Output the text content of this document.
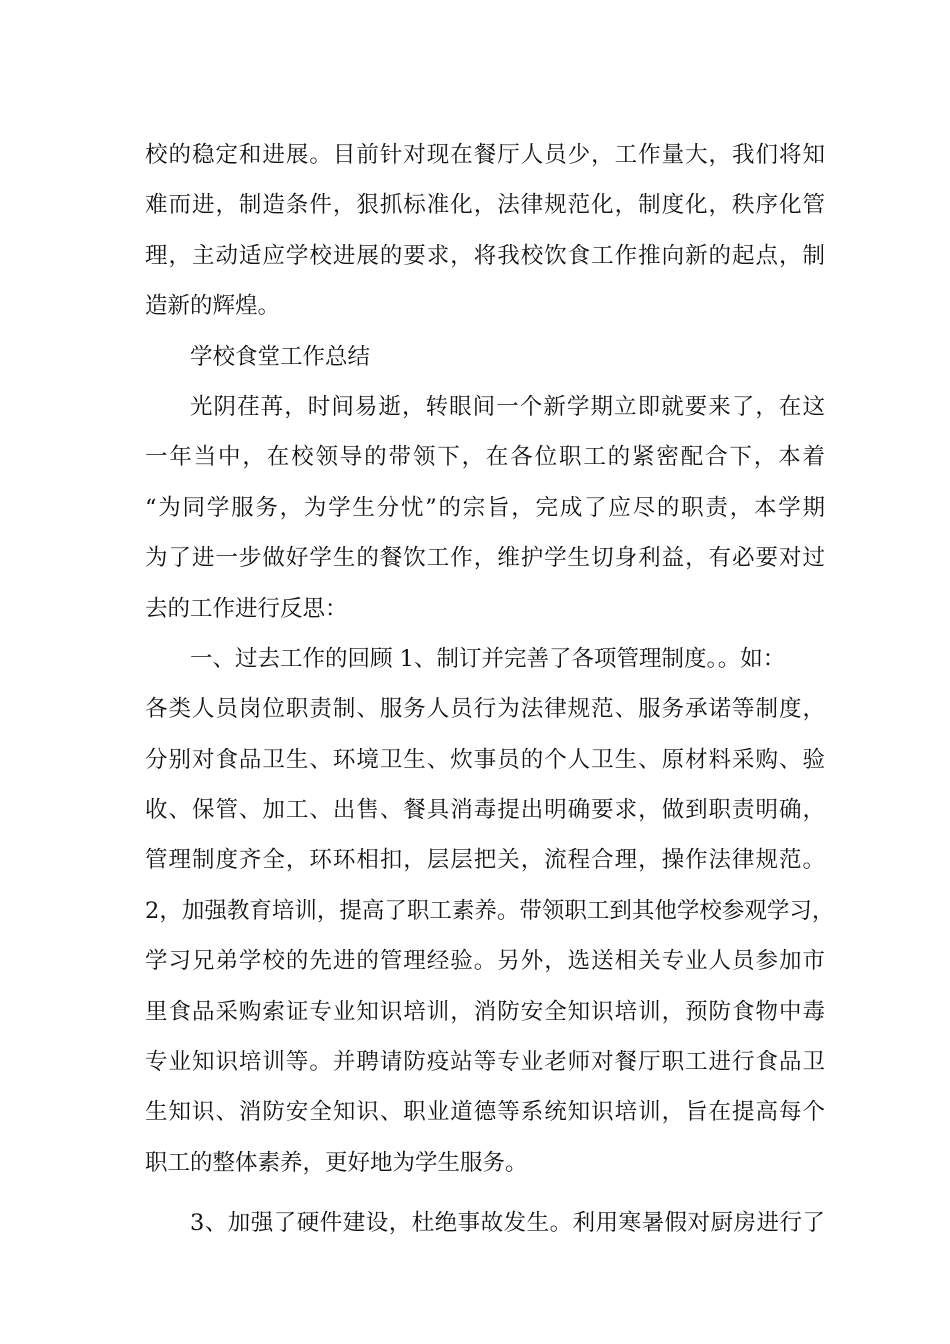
校的稳定和进展。目前针对现在餐厅人员少，工作量大，我们将知
难而进，制造条件，狠抓标准化，法律规范化，制度化，秩序化管
理，主动适应学校进展的要求，将我校饮食工作推向新的起点，制
造新的辉煌。
学校食堂工作总结
光阴荏苒，时间易逝，转眼间一个新学期立即就要来了，在这
一年当中，在校领导的带领下，在各位职工的紧密配合下，本着
“为同学服务，为学生分忧”的宗旨，完成了应尽的职责，本学期
为了进一步做好学生的餐饮工作，维护学生切身利益，有必要对过
去的工作进行反思：
一、过去工作的回顾 1、制订并完善了各项管理制度。。如：
各类人员岗位职责制、服务人员行为法律规范、服务承诺等制度，
分别对食品卫生、环境卫生、炊事员的个人卫生、原材料采购、验
收、保管、加工、出售、餐具消毒提出明确要求，做到职责明确，
管理制度齐全，环环相扣，层层把关，流程合理，操作法律规范。
2，加强教育培训，提高了职工素养。带领职工到其他学校参观学习，
学习兄弟学校的先进的管理经验。另外，选送相关专业人员参加市
里食品采购索证专业知识培训，消防安全知识培训，预防食物中毒
专业知识培训等。并聘请防疫站等专业老师对餐厅职工进行食品卫
生知识、消防安全知识、职业道德等系统知识培训，旨在提高每个
职工的整体素养，更好地为学生服务。
3、加强了硬件建设，杜绝事故发生。利用寒暑假对厨房进行了
